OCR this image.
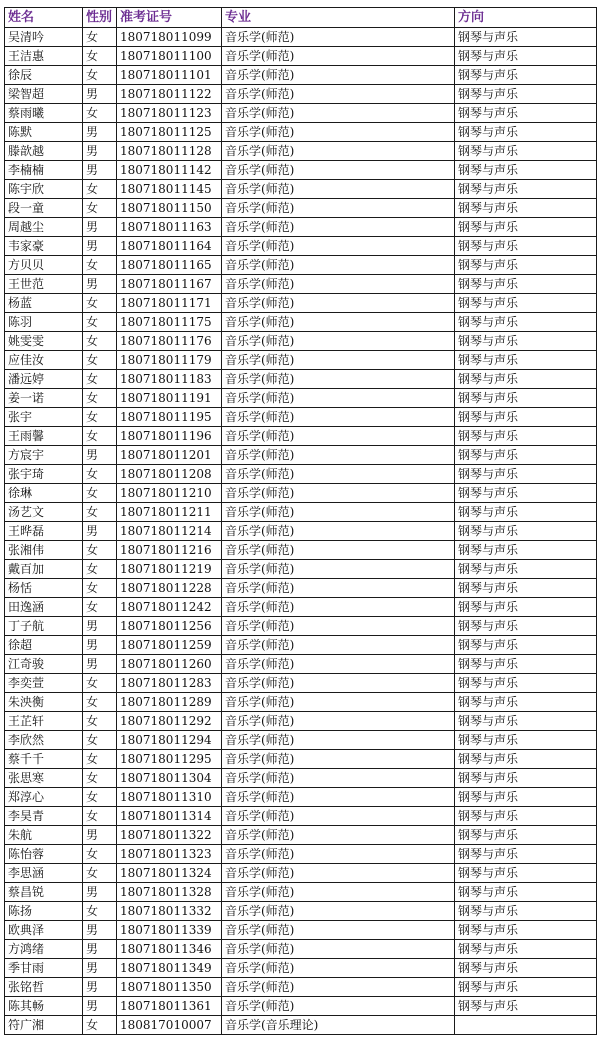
姓名	性别	准考证号	专业	方向
吴清吟	女	180718011099	音乐学(师范)	钢琴与声乐
王洁惠	女	180718011100	音乐学(师范)	钢琴与声乐
徐辰	女	180718011101	音乐学(师范)	钢琴与声乐
梁智超	男	180718011122	音乐学(师范)	钢琴与声乐
蔡雨曦	女	180718011123	音乐学(师范)	钢琴与声乐
陈默	男	180718011125	音乐学(师范)	钢琴与声乐
滕歆越	男	180718011128	音乐学(师范)	钢琴与声乐
李楠楠	男	180718011142	音乐学(师范)	钢琴与声乐
陈宇欣	女	180718011145	音乐学(师范)	钢琴与声乐
段一童	女	180718011150	音乐学(师范)	钢琴与声乐
周越尘	男	180718011163	音乐学(师范)	钢琴与声乐
韦家豪	男	180718011164	音乐学(师范)	钢琴与声乐
方贝贝	女	180718011165	音乐学(师范)	钢琴与声乐
王世范	男	180718011167	音乐学(师范)	钢琴与声乐
杨蓝	女	180718011171	音乐学(师范)	钢琴与声乐
陈羽	女	180718011175	音乐学(师范)	钢琴与声乐
姚雯雯	女	180718011176	音乐学(师范)	钢琴与声乐
应佳汝	女	180718011179	音乐学(师范)	钢琴与声乐
潘远婷	女	180718011183	音乐学(师范)	钢琴与声乐
姜一诺	女	180718011191	音乐学(师范)	钢琴与声乐
张宇	女	180718011195	音乐学(师范)	钢琴与声乐
王雨馨	女	180718011196	音乐学(师范)	钢琴与声乐
方宸宇	男	180718011201	音乐学(师范)	钢琴与声乐
张宇琦	女	180718011208	音乐学(师范)	钢琴与声乐
徐琳	女	180718011210	音乐学(师范)	钢琴与声乐
汤艺文	女	180718011211	音乐学(师范)	钢琴与声乐
王晔磊	男	180718011214	音乐学(师范)	钢琴与声乐
张湘伟	女	180718011216	音乐学(师范)	钢琴与声乐
戴百加	女	180718011219	音乐学(师范)	钢琴与声乐
杨恬	女	180718011228	音乐学(师范)	钢琴与声乐
田逸涵	女	180718011242	音乐学(师范)	钢琴与声乐
丁子航	男	180718011256	音乐学(师范)	钢琴与声乐
徐超	男	180718011259	音乐学(师范)	钢琴与声乐
江奇骏	男	180718011260	音乐学(师范)	钢琴与声乐
李奕萱	女	180718011283	音乐学(师范)	钢琴与声乐
朱泱衡	女	180718011289	音乐学(师范)	钢琴与声乐
王芷轩	女	180718011292	音乐学(师范)	钢琴与声乐
李欣然	女	180718011294	音乐学(师范)	钢琴与声乐
蔡千千	女	180718011295	音乐学(师范)	钢琴与声乐
张思寒	女	180718011304	音乐学(师范)	钢琴与声乐
郑淳心	女	180718011310	音乐学(师范)	钢琴与声乐
李昊青	女	180718011314	音乐学(师范)	钢琴与声乐
朱航	男	180718011322	音乐学(师范)	钢琴与声乐
陈怡蓉	女	180718011323	音乐学(师范)	钢琴与声乐
李思涵	女	180718011324	音乐学(师范)	钢琴与声乐
蔡昌锐	男	180718011328	音乐学(师范)	钢琴与声乐
陈扬	女	180718011332	音乐学(师范)	钢琴与声乐
欧典泽	男	180718011339	音乐学(师范)	钢琴与声乐
方鸿绪	男	180718011346	音乐学(师范)	钢琴与声乐
季甘雨	男	180718011349	音乐学(师范)	钢琴与声乐
张铭哲	男	180718011350	音乐学(师范)	钢琴与声乐
陈其畅	男	180718011361	音乐学(师范)	钢琴与声乐
符广湘	女	180817010007	音乐学(音乐理论)	
